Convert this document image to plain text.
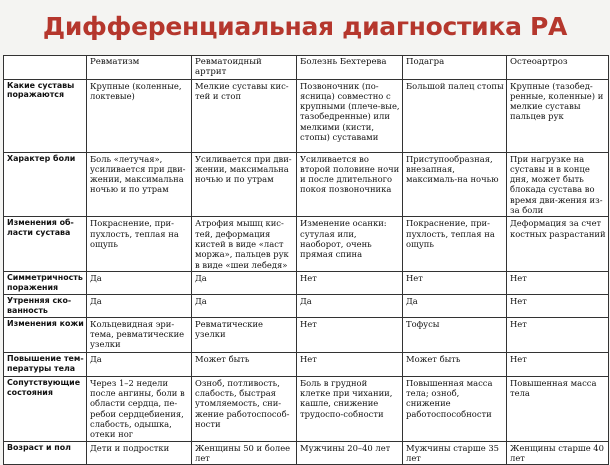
Дифференциальная диагностика РА
	Ревматизм	Ревматоидный артрит	Болезнь Бехтерева	Подагра	Остеоартроз
Какие суставы поражаются	Крупные (коленные, локтевые)	Мелкие суставы кис-тей и стоп	Позвоночник (по-ясница) совместно с крупными (плече-вые, тазобедренные) или мелкими (кисти, стопы) суставами	Большой палец стопы	Крупные (тазобед-ренные, коленные) и мелкие суставы пальцев рук
Характер боли	Боль «летучая», усиливается при дви-жении, максимальна ночью и по утрам	Усиливается при дви-жении, максимальна ночью и по утрам	Усиливается во второй половине ночи и после длительного покоя позвоночника	Приступообразная, внезапная, максималь-на ночью	При нагрузке на суставы и в конце дня, может быть блокада сустава во время дви-жения из-за боли
Изменения об-ласти сустава	Покраснение, при-пухлость, теплая на ощупь	Атрофия мышц кис-тей, деформация кистей в виде «ласт моржа», пальцев рук в виде «шеи лебедя»	Изменение осанки: сутулая или, наоборот, очень прямая спина	Покраснение, при-пухлость, теплая на ощупь	Деформация за счет костных разрастаний
Симметричность поражения	Да	Да	Нет	Нет	Нет
Утренняя ско-ванность	Да	Да	Да	Да	Нет
Изменения кожи	Кольцевидная эри-тема, ревматические узелки	Ревматические узелки	Нет	Тофусы	Нет
Повышение тем-пературы тела	Да	Может быть	Нет	Может быть	Нет
Сопутствующие состояния	Через 1–2 недели после ангины, боли в области сердца, пе-ребои сердцебиения, слабость, одышка, отеки ног	Озноб, потливость, слабость, быстрая утомляемость, сни-жение работоспособ-ности	Боль в грудной клетке при чихании, кашле, снижение трудоспо-собности	Повышенная масса тела; озноб, снижение работоспособности	Повышенная масса тела
Возраст и пол	Дети и подростки	Женщины 50 и более лет	Мужчины 20–40 лет	Мужчины старше 35 лет	Женщины старше 40 лет
